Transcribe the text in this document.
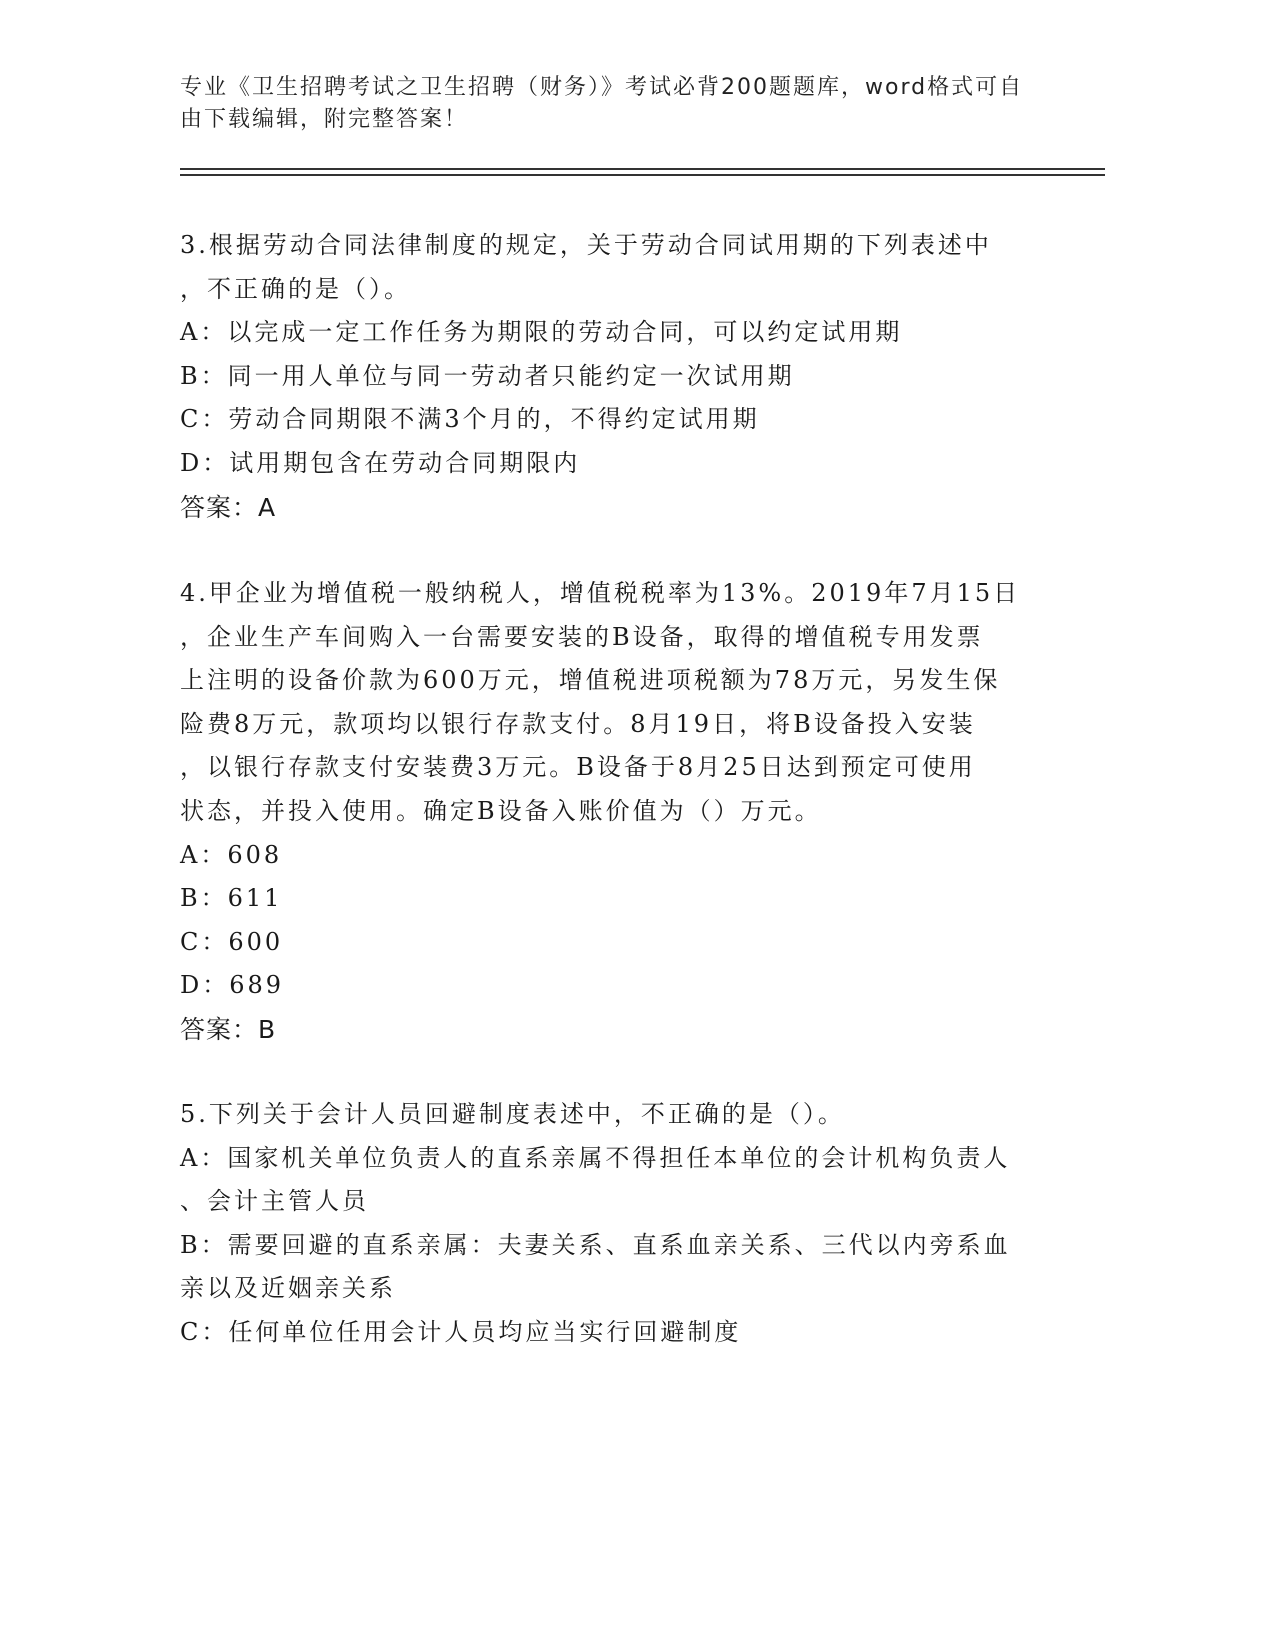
专业《卫生招聘考试之卫生招聘（财务）》考试必背200题题库，word格式可自
由下载编辑，附完整答案！
3.根据劳动合同法律制度的规定，关于劳动合同试用期的下列表述中
，不正确的是（）。
A：以完成一定工作任务为期限的劳动合同，可以约定试用期
B：同一用人单位与同一劳动者只能约定一次试用期
C：劳动合同期限不满3个月的，不得约定试用期
D：试用期包含在劳动合同期限内
答案：A
4.甲企业为增值税一般纳税人，增值税税率为13%。2019年7月15日
，企业生产车间购入一台需要安装的B设备，取得的增值税专用发票
上注明的设备价款为600万元，增值税进项税额为78万元，另发生保
险费8万元，款项均以银行存款支付。8月19日，将B设备投入安装
，以银行存款支付安装费3万元。B设备于8月25日达到预定可使用
状态，并投入使用。确定B设备入账价值为（）万元。
A：608
B：611
C：600
D：689
答案：B
5.下列关于会计人员回避制度表述中，不正确的是（）。
A：国家机关单位负责人的直系亲属不得担任本单位的会计机构负责人
、会计主管人员
B：需要回避的直系亲属：夫妻关系、直系血亲关系、三代以内旁系血
亲以及近姻亲关系
C：任何单位任用会计人员均应当实行回避制度
